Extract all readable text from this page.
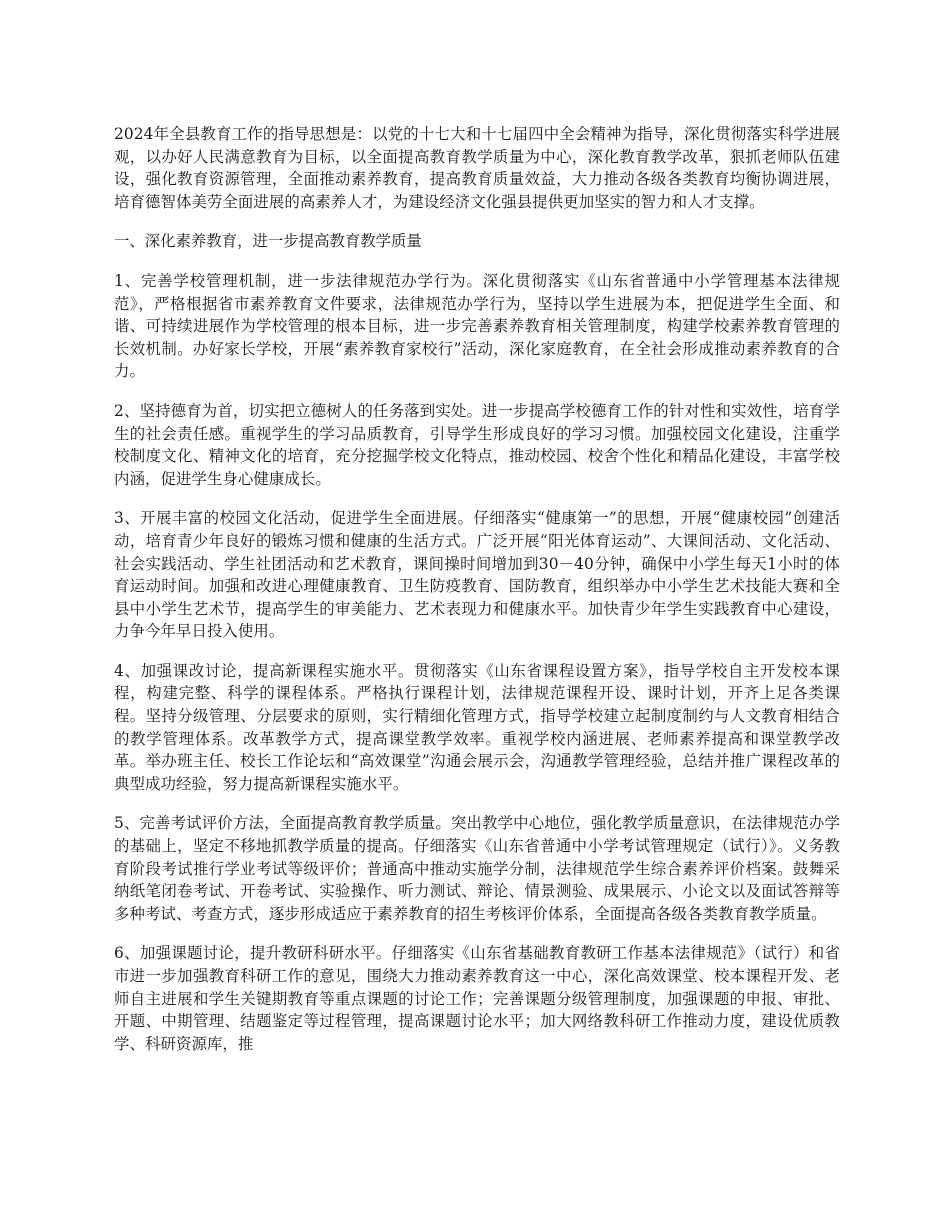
2024年全县教育工作的指导思想是：以党的十七大和十七届四中全会精神为指导，深化贯彻落实科学进展观，以办好人民满意教育为目标，以全面提高教育教学质量为中心，深化教育教学改革，狠抓老师队伍建设，强化教育资源管理，全面推动素养教育，提高教育质量效益，大力推动各级各类教育均衡协调进展，培育德智体美劳全面进展的高素养人才，为建设经济文化强县提供更加坚实的智力和人才支撑。

一、深化素养教育，进一步提高教育教学质量

1、完善学校管理机制，进一步法律规范办学行为。深化贯彻落实《山东省普通中小学管理基本法律规范》，严格根据省市素养教育文件要求，法律规范办学行为，坚持以学生进展为本，把促进学生全面、和谐、可持续进展作为学校管理的根本目标，进一步完善素养教育相关管理制度，构建学校素养教育管理的长效机制。办好家长学校，开展“素养教育家校行”活动，深化家庭教育，在全社会形成推动素养教育的合力。

2、坚持德育为首，切实把立德树人的任务落到实处。进一步提高学校德育工作的针对性和实效性，培育学生的社会责任感。重视学生的学习品质教育，引导学生形成良好的学习习惯。加强校园文化建设，注重学校制度文化、精神文化的培育，充分挖掘学校文化特点，推动校园、校舍个性化和精品化建设，丰富学校内涵，促进学生身心健康成长。

3、开展丰富的校园文化活动，促进学生全面进展。仔细落实“健康第一”的思想，开展“健康校园”创建活动，培育青少年良好的锻炼习惯和健康的生活方式。广泛开展“阳光体育运动”、大课间活动、文化活动、社会实践活动、学生社团活动和艺术教育，课间操时间增加到30－40分钟，确保中小学生每天1小时的体育运动时间。加强和改进心理健康教育、卫生防疫教育、国防教育，组织举办中小学生艺术技能大赛和全县中小学生艺术节，提高学生的审美能力、艺术表现力和健康水平。加快青少年学生实践教育中心建设，力争今年早日投入使用。

4、加强课改讨论，提高新课程实施水平。贯彻落实《山东省课程设置方案》，指导学校自主开发校本课程，构建完整、科学的课程体系。严格执行课程计划，法律规范课程开设、课时计划，开齐上足各类课程。坚持分级管理、分层要求的原则，实行精细化管理方式，指导学校建立起制度制约与人文教育相结合的教学管理体系。改革教学方式，提高课堂教学效率。重视学校内涵进展、老师素养提高和课堂教学改革。举办班主任、校长工作论坛和“高效课堂”沟通会展示会，沟通教学管理经验，总结并推广课程改革的典型成功经验，努力提高新课程实施水平。

5、完善考试评价方法，全面提高教育教学质量。突出教学中心地位，强化教学质量意识，在法律规范办学的基础上，坚定不移地抓教学质量的提高。仔细落实《山东省普通中小学考试管理规定（试行）》。义务教育阶段考试推行学业考试等级评价；普通高中推动实施学分制，法律规范学生综合素养评价档案。鼓舞采纳纸笔闭卷考试、开卷考试、实验操作、听力测试、辩论、情景测验、成果展示、小论文以及面试答辩等多种考试、考查方式，逐步形成适应于素养教育的招生考核评价体系，全面提高各级各类教育教学质量。

6、加强课题讨论，提升教研科研水平。仔细落实《山东省基础教育教研工作基本法律规范》（试行）和省市进一步加强教育科研工作的意见，围绕大力推动素养教育这一中心，深化高效课堂、校本课程开发、老师自主进展和学生关键期教育等重点课题的讨论工作；完善课题分级管理制度，加强课题的申报、审批、开题、中期管理、结题鉴定等过程管理，提高课题讨论水平；加大网络教科研工作推动力度，建设优质教学、科研资源库，推
